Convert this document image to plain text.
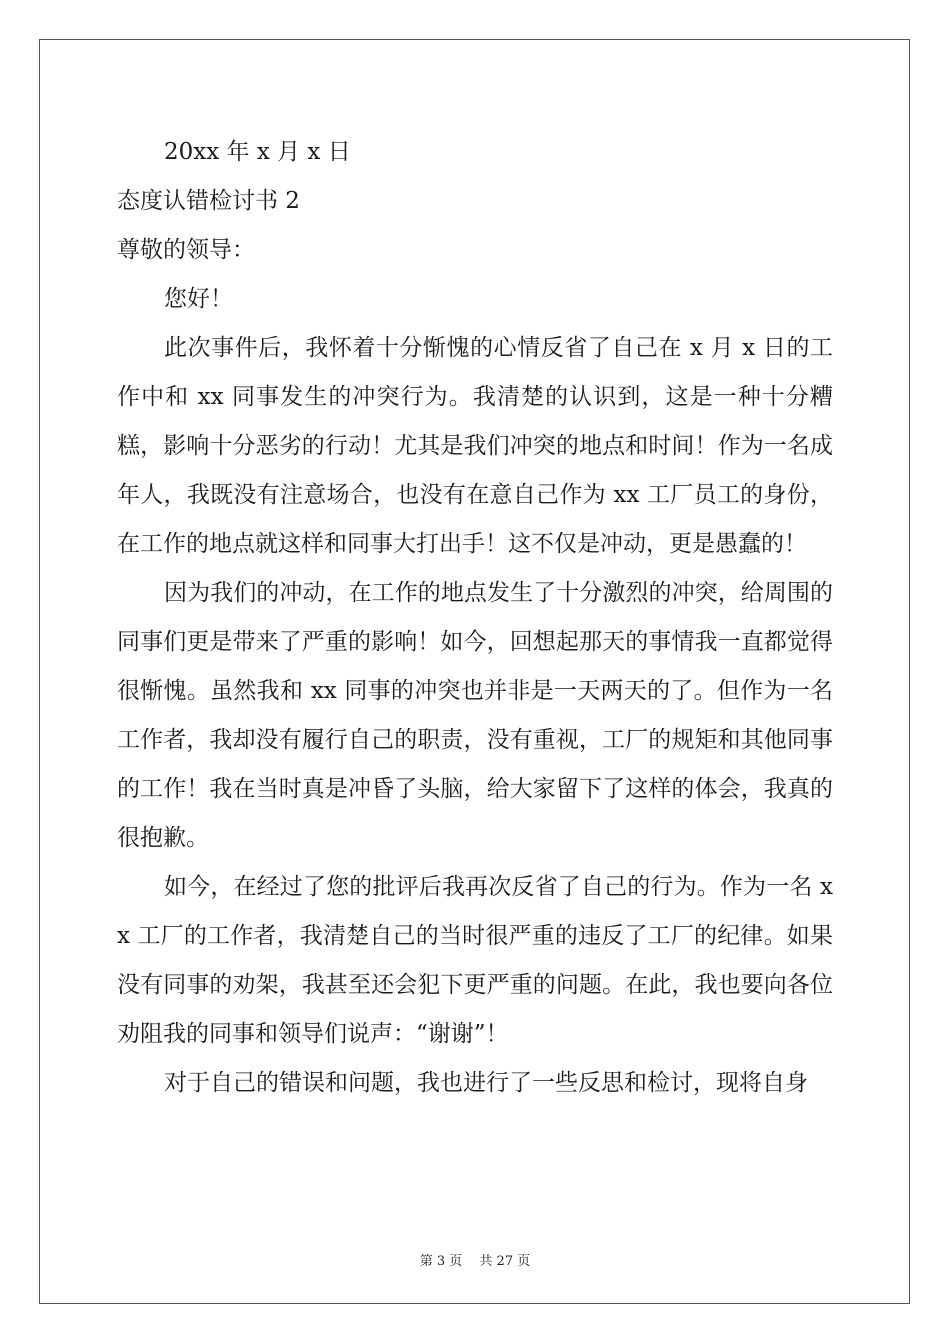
20xx 年 x 月 x 日

态度认错检讨书 2

尊敬的领导：

您好！

此次事件后，我怀着十分惭愧的心情反省了自己在 x 月 x 日的工作中和 xx 同事发生的冲突行为。我清楚的认识到，这是一种十分糟糕，影响十分恶劣的行动！尤其是我们冲突的地点和时间！作为一名成年人，我既没有注意场合，也没有在意自己作为 xx 工厂员工的身份，在工作的地点就这样和同事大打出手！这不仅是冲动，更是愚蠢的！

因为我们的冲动，在工作的地点发生了十分激烈的冲突，给周围的同事们更是带来了严重的影响！如今，回想起那天的事情我一直都觉得很惭愧。虽然我和 xx 同事的冲突也并非是一天两天的了。但作为一名工作者，我却没有履行自己的职责，没有重视，工厂的规矩和其他同事的工作！我在当时真是冲昏了头脑，给大家留下了这样的体会，我真的很抱歉。

如今，在经过了您的批评后我再次反省了自己的行为。作为一名 xx 工厂的工作者，我清楚自己的当时很严重的违反了工厂的纪律。如果没有同事的劝架，我甚至还会犯下更严重的问题。在此，我也要向各位劝阻我的同事和领导们说声：“谢谢”！

对于自己的错误和问题，我也进行了一些反思和检讨，现将自身

第 3 页　 共 27 页
